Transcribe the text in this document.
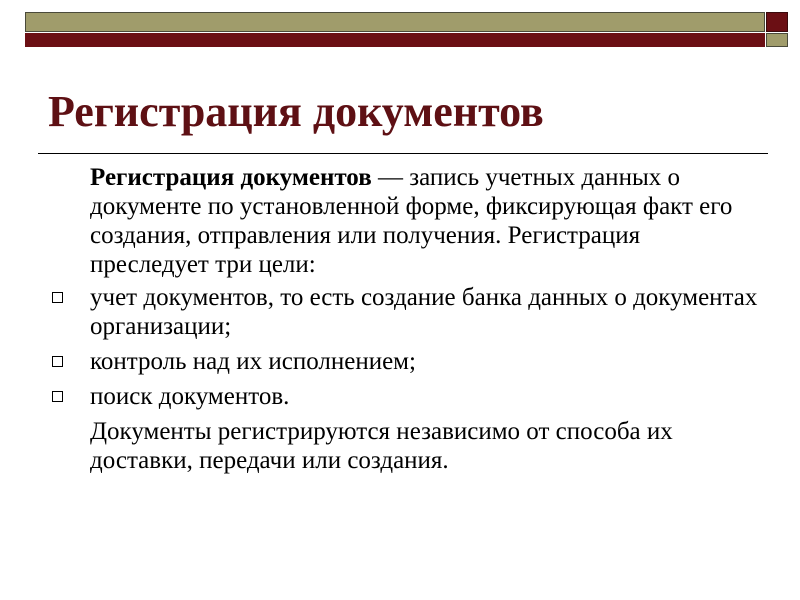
Регистрация документов

Регистрация документов — запись учетных данных о документе по установленной форме, фиксирующая факт его создания, отправления или получения. Регистрация преследует три цели:

учет документов, то есть создание банка данных о документах организации;
контроль над их исполнением;
поиск документов.

Документы регистрируются независимо от способа их доставки, передачи или создания.
